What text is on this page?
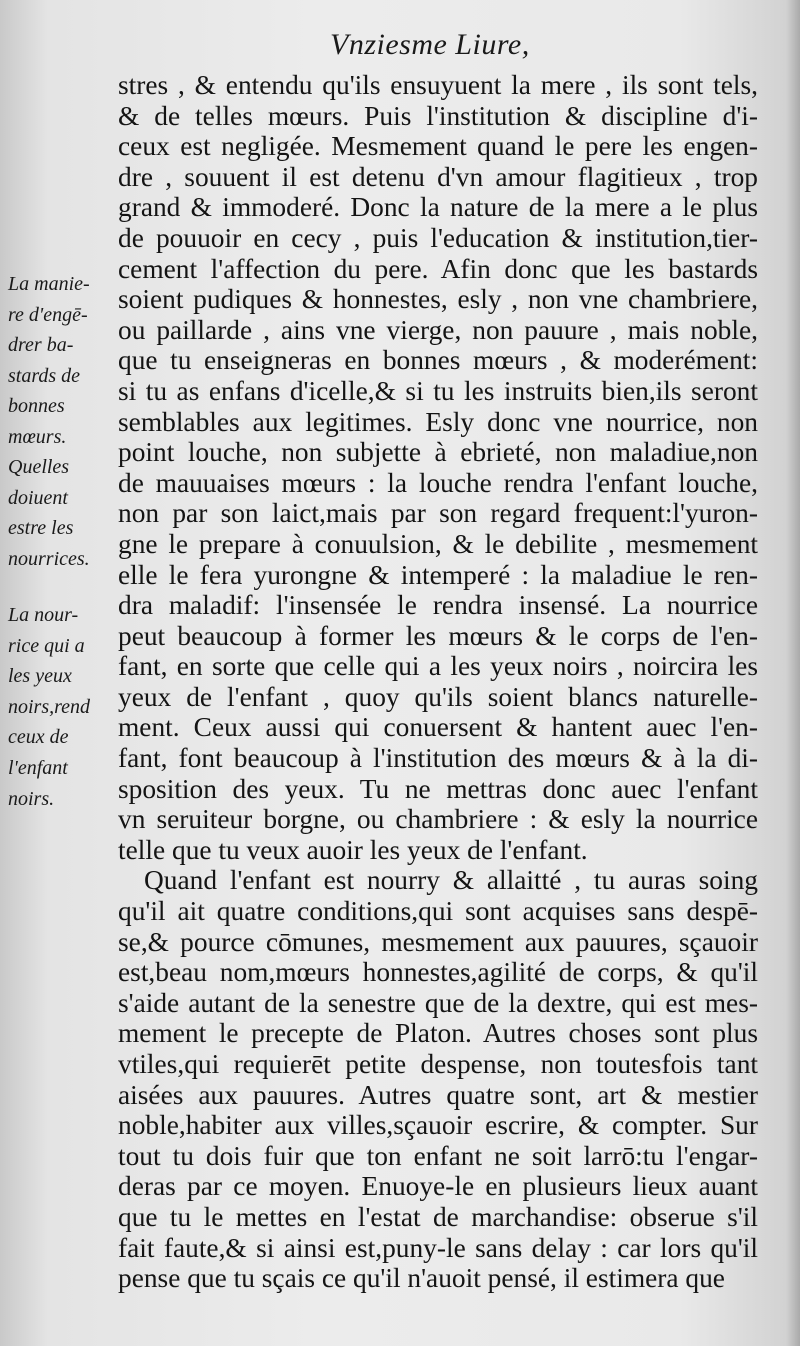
Vnziesme Liure,
La manie-
re d'engē-
drer ba-
stards de
bonnes
mœurs.
Quelles
doiuent
estre les
nourrices.
La nour-
rice qui a
les yeux
noirs,rend
ceux de
l'enfant
noirs.
stres , & entendu qu'ils ensuyuent la mere , ils sont tels,
& de telles mœurs. Puis l'institution & discipline d'i-
ceux est negligée. Mesmement quand le pere les engen-
dre , souuent il est detenu d'vn amour flagitieux , trop
grand & immoderé. Donc la nature de la mere a le plus
de pouuoir en cecy , puis l'education & institution,tier-
cement l'affection du pere. Afin donc que les bastards
soient pudiques & honnestes, esly , non vne chambriere,
ou paillarde , ains vne vierge, non pauure , mais noble,
que tu enseigneras en bonnes mœurs , & moderément:
si tu as enfans d'icelle,& si tu les instruits bien,ils seront
semblables aux legitimes. Esly donc vne nourrice, non
point louche, non subjette à ebrieté, non maladiue,non
de mauuaises mœurs : la louche rendra l'enfant louche,
non par son laict,mais par son regard frequent:l'yuron-
gne le prepare à conuulsion, & le debilite , mesmement
elle le fera yurongne & intemperé : la maladiue le ren-
dra maladif: l'insensée le rendra insensé. La nourrice
peut beaucoup à former les mœurs & le corps de l'en-
fant, en sorte que celle qui a les yeux noirs , noircira les
yeux de l'enfant , quoy qu'ils soient blancs naturelle-
ment. Ceux aussi qui conuersent & hantent auec l'en-
fant, font beaucoup à l'institution des mœurs & à la di-
sposition des yeux. Tu ne mettras donc auec l'enfant
vn seruiteur borgne, ou chambriere : & esly la nourrice
telle que tu veux auoir les yeux de l'enfant.
Quand l'enfant est nourry & allaitté , tu auras soing
qu'il ait quatre conditions,qui sont acquises sans despē-
se,& pource cōmunes, mesmement aux pauures, sçauoir
est,beau nom,mœurs honnestes,agilité de corps, & qu'il
s'aide autant de la senestre que de la dextre, qui est mes-
mement le precepte de Platon. Autres choses sont plus
vtiles,qui requierēt petite despense, non toutesfois tant
aisées aux pauures. Autres quatre sont, art & mestier
noble,habiter aux villes,sçauoir escrire, & compter. Sur
tout tu dois fuir que ton enfant ne soit larrō:tu l'engar-
deras par ce moyen. Enuoye-le en plusieurs lieux auant
que tu le mettes en l'estat de marchandise: obserue s'il
fait faute,& si ainsi est,puny-le sans delay : car lors qu'il
pense que tu sçais ce qu'il n'auoit pensé, il estimera que
